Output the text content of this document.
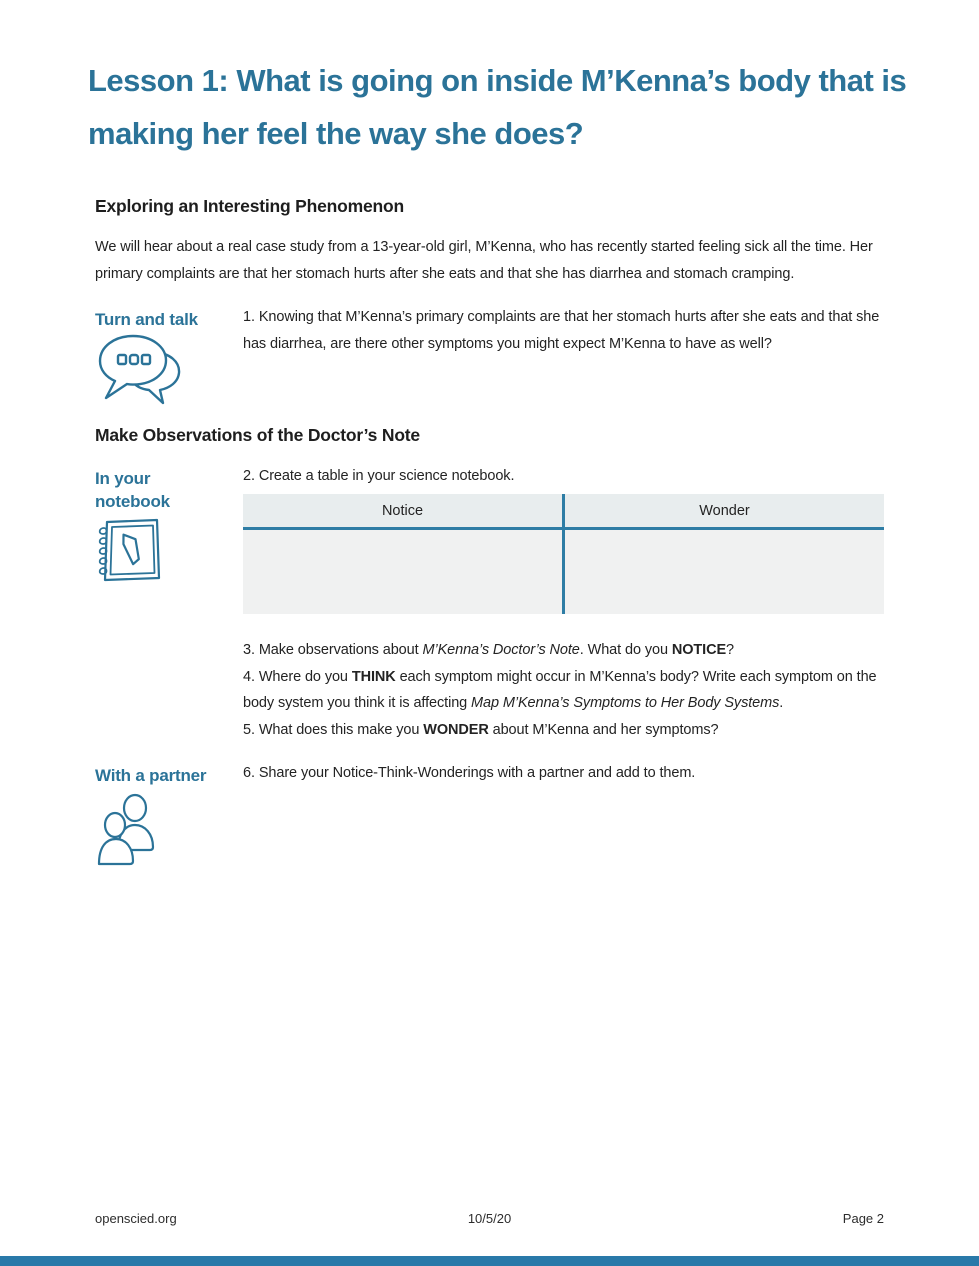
Lesson 1: What is going on inside M’Kenna’s body that is
making her feel the way she does?
Exploring an Interesting Phenomenon
We will hear about a real case study from a 13-year-old girl, M’Kenna, who has recently started feeling sick all the time. Her primary complaints are that her stomach hurts after she eats and that she has diarrhea and stomach cramping.
Turn and talk	1. Knowing that M’Kenna’s primary complaints are that her stomach hurts after she eats and that she has diarrhea, are there other symptoms you might expect M’Kenna to have as well?

Make Observations of the Doctor’s Note
In your
notebook

2. Create a table in your science notebook.

Notice	Wonder

3. Make observations about M’Kenna’s Doctor’s Note. What do you NOTICE?

4. Where do you THINK each symptom might occur in M’Kenna’s body? Write each symptom on the body system you think it is affecting Map M’Kenna’s Symptoms to Her Body Systems.

5. What does this make you WONDER about M’Kenna and her symptoms?

With a partner	6. Share your Notice-Think-Wonderings with a partner and add to them.

openscied.org	10/5/20	Page 2
